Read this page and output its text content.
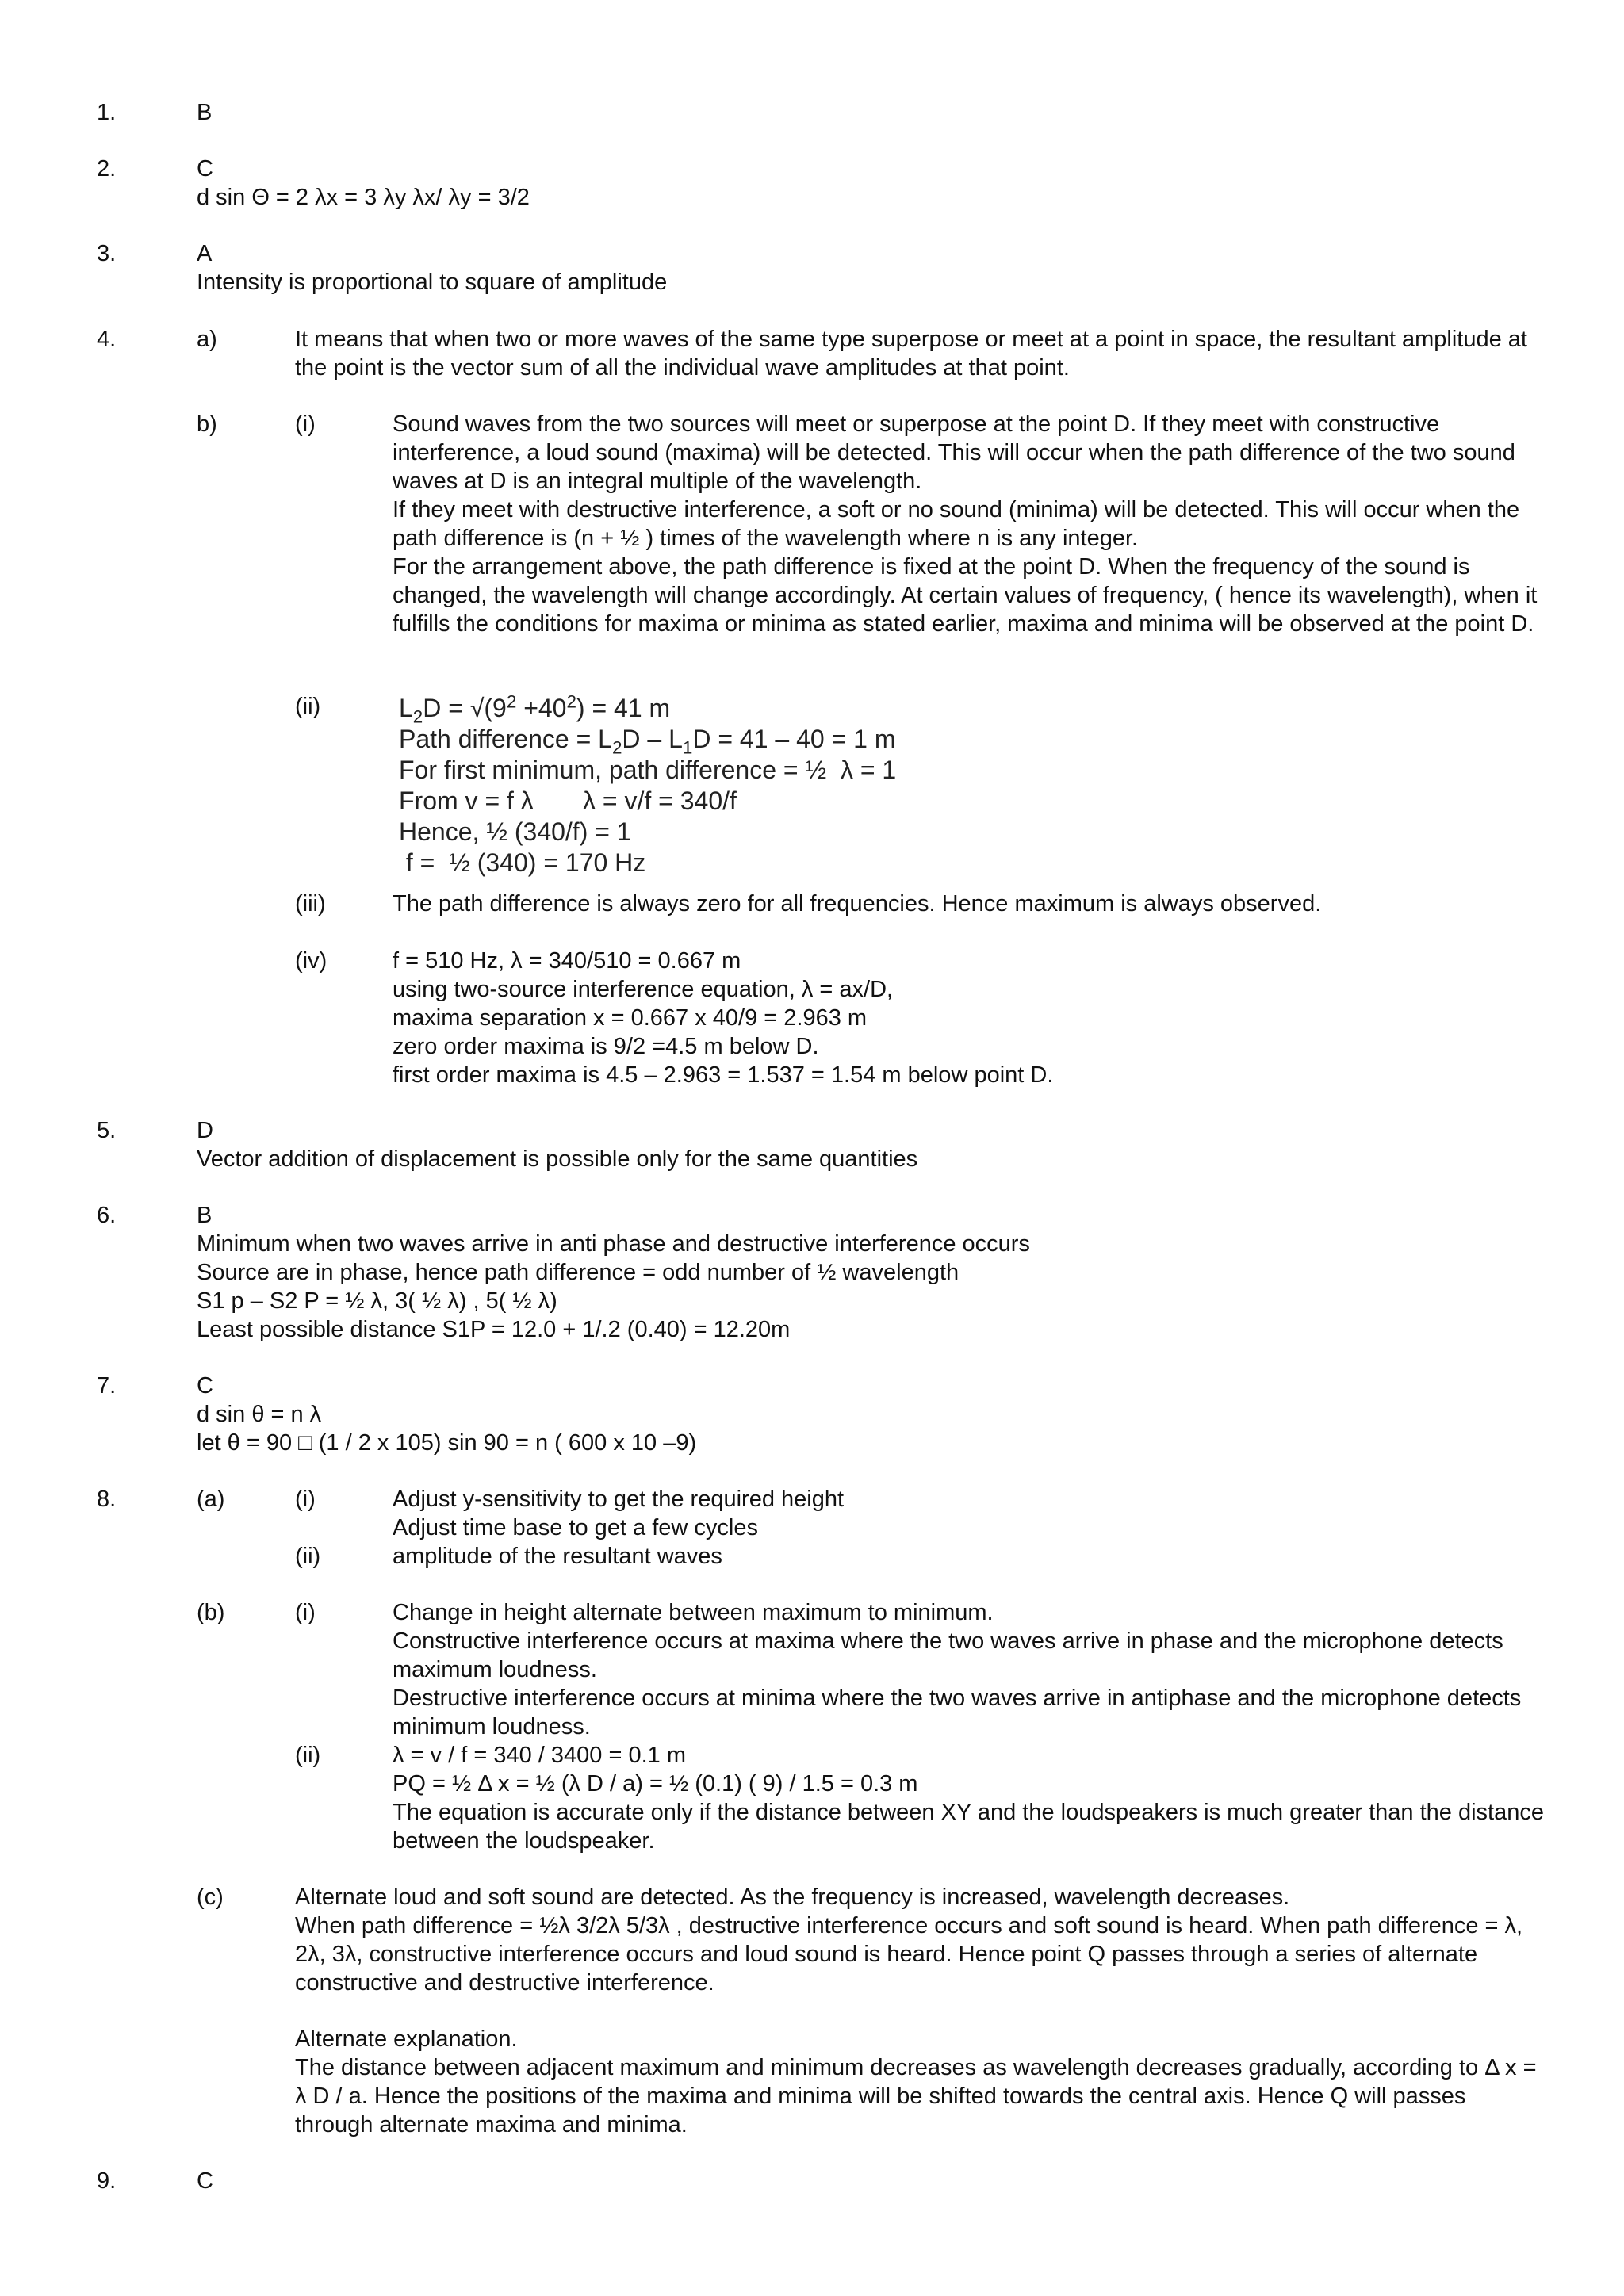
1.	B
2.	C
d sin Θ = 2 λx = 3 λy λx/ λy = 3/2
3.	A
Intensity is proportional to square of amplitude
4.	a)	It means that when two or more waves of the same type superpose or meet at a point in space, the resultant amplitude at the point is the vector sum of all the individual wave amplitudes at that point.
b)	(i)	Sound waves from the two sources will meet or superpose at the point D. If they meet with constructive interference, a loud sound (maxima) will be detected. This will occur when the path difference of the two sound waves at D is an integral multiple of the wavelength.
If they meet with destructive interference, a soft or no sound (minima) will be detected. This will occur when the path difference is (n + ½ ) times of the wavelength where n is any integer.
For the arrangement above, the path difference is fixed at the point D. When the frequency of the sound is changed, the wavelength will change accordingly. At certain values of frequency, ( hence its wavelength), when it fulfills the conditions for maxima or minima as stated earlier, maxima and minima will be observed at the point D.
(ii)	$L_2D = √(9^2 +40^2) = 41$ m
Path difference = $L_2D - L_1D = 41 - 40 = 1$ m
For first minimum, path difference = ½  λ = 1
From v = f λ       λ = v/f = 340/f
Hence, ½ (340/f) = 1
f =  ½ (340) = 170 Hz
(iii)	The path difference is always zero for all frequencies. Hence maximum is always observed.
(iv)	f = 510 Hz, λ = 340/510 = 0.667 m
using two-source interference equation, λ = ax/D,
maxima separation x = 0.667 x 40/9 = 2.963 m
zero order maxima is 9/2 =4.5 m below D.
first order maxima is 4.5 – 2.963 = 1.537 = 1.54 m below point D.
5.	D
Vector addition of displacement is possible only for the same quantities
6.	B
Minimum when two waves arrive in anti phase and destructive interference occurs
Source are in phase, hence path difference = odd number of ½ wavelength
S1 p – S2 P = ½ λ, 3( ½ λ) , 5( ½ λ)
Least possible distance S1P = 12.0 + 1/.2 (0.40) = 12.20m
7.	C
d sin θ = n λ
let θ = 90 □ (1 / 2 x 105) sin 90 = n ( 600 x 10 –9)
8.	(a)	(i)	Adjust y-sensitivity to get the required height
Adjust time base to get a few cycles
(ii)	amplitude of the resultant waves
(b)	(i)	Change in height alternate between maximum to minimum.
Constructive interference occurs at maxima where the two waves arrive in phase and the microphone detects maximum loudness.
Destructive interference occurs at minima where the two waves arrive in antiphase and the microphone detects minimum loudness.
(ii)	λ = v / f = 340 / 3400 = 0.1 m
PQ = ½ Δ x = ½ (λ D / a) = ½ (0.1) ( 9) / 1.5 = 0.3 m
The equation is accurate only if the distance between XY and the loudspeakers is much greater than the distance between the loudspeaker.
(c)	Alternate loud and soft sound are detected. As the frequency is increased, wavelength decreases.
When path difference = ½λ 3/2λ 5/3λ , destructive interference occurs and soft sound is heard. When path difference = λ, 2λ, 3λ, constructive interference occurs and loud sound is heard. Hence point Q passes through a series of alternate constructive and destructive interference.
Alternate explanation.
The distance between adjacent maximum and minimum decreases as wavelength decreases gradually, according to Δ x = λ D / a. Hence the positions of the maxima and minima will be shifted towards the central axis. Hence Q will passes through alternate maxima and minima.
9.	C
